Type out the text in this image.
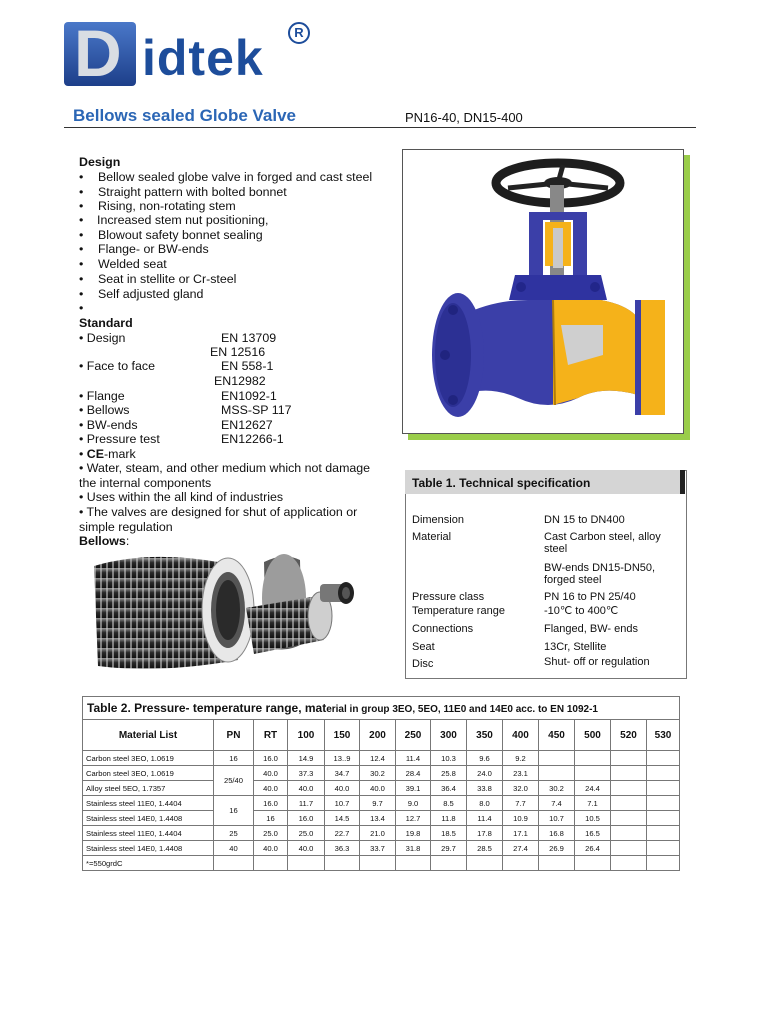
D idtek	R
Bellows sealed Globe Valve	PN16-40, DN15-400
Design
• Bellow sealed globe valve in forged and cast steel
• Straight pattern with bolted bonnet
• Rising, non-rotating stem
• Increased stem nut positioning,
• Blowout safety bonnet sealing
• Flange- or BW-ends
• Welded seat
• Seat in stellite or Cr-steel
• Self adjusted gland
•
Standard
• Design	EN 13709
EN 12516
• Face to face	EN 558-1
EN12982
• Flange	EN1092-1
• Bellows	MSS-SP 117
• BW-ends	EN12627
• Pressure test	EN12266-1
• CE-mark
• Water, steam, and other medium which not damage
the internal components
• Uses within the all kind of industries
• The valves are designed for shut of application or
simple regulation
Bellows:
Table 1. Technical specification
Dimension	DN 15 to DN400
Material	Cast Carbon steel, alloy
steel
BW-ends DN15-DN50,
forged steel
Pressure class	PN 16 to PN 25/40
Temperature range	-10℃ to 400℃
Connections	Flanged, BW- ends
Seat	13Cr, Stellite
Disc	Shut- off or regulation
Table 2. Pressure- temperature range, material in group 3EO, 5EO, 11E0 and 14E0 acc. to EN 1092-1													
Material List	PN	RT	100	150	200	250	300	350	400	450	500	520	530
Carbon steel 3EO, 1.0619	16	16.0	14.9	13..9	12.4	11.4	10.3	9.6	9.2				
Carbon steel 3EO, 1.0619	25/40	40.0	37.3	34.7	30.2	28.4	25.8	24.0	23.1				
Alloy steel 5EO, 1.7357		40.0	40.0	40.0	40.0	39.1	36.4	33.8	32.0	30.2	24.4		
Stainless steel 11E0, 1.4404	16	16.0	11.7	10.7	9.7	9.0	8.5	8.0	7.7	7.4	7.1		
Stainless steel 14E0, 1.4408		16	16.0	14.5	13.4	12.7	11.8	11.4	10.9	10.7	10.5		
Stainless steel 11E0, 1.4404	25	25.0	25.0	22.7	21.0	19.8	18.5	17.8	17.1	16.8	16.5		
Stainless steel 14E0, 1.4408	40	40.0	40.0	36.3	33.7	31.8	29.7	28.5	27.4	26.9	26.4		
*=550grdC													
